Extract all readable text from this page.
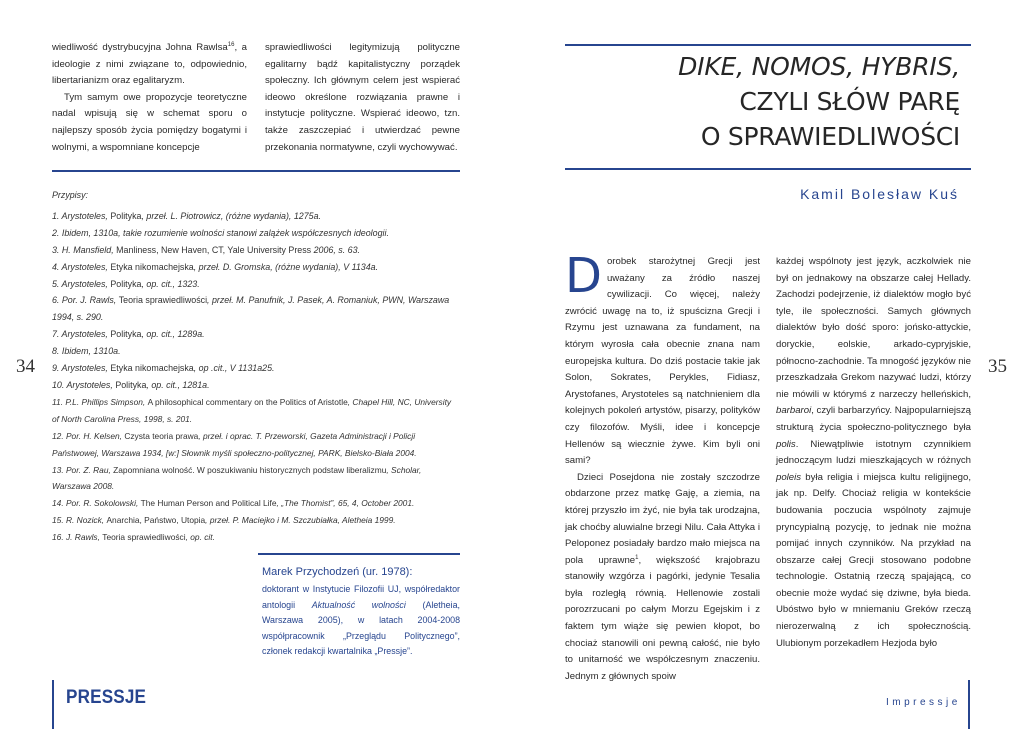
wiedliwość dystrybucyjna Johna Rawlsa$^{16}$, a ideologie z nimi związane to, odpowiednio, libertarianizm oraz egalitaryzm.

Tym samym owe propozycje teoretyczne nadal wpisują się w schemat sporu o najlepszy sposób życia pomiędzy bogatymi i wolnymi, a wspomniane koncepcje

sprawiedliwości legitymizują polityczne egalitarny bądź kapitalistyczny porządek społeczny. Ich głównym celem jest wspierać ideowo określone rozwiązania prawne i instytucje polityczne. Wspierać ideowo, tzn. także zaszczepiać i utwierdzać pewne przekonania normatywne, czyli wychowywać.

Przypisy:
1. Arystoteles, Polityka, przeł. L. Piotrowicz, (różne wydania), 1275a.
2. Ibidem, 1310a, takie rozumienie wolności stanowi zalążek współczesnych ideologii.
3. H. Mansfield, Manliness, New Haven, CT, Yale University Press 2006, s. 63.
4. Arystoteles, Etyka nikomachejska, przeł. D. Gromska, (różne wydania), V 1134a.
5. Arystoteles, Polityka, op. cit., 1323.
6. Por. J. Rawls, Teoria sprawiedliwości, przeł. M. Panufnik, J. Pasek, A. Romaniuk, PWN, Warszawa 1994, s. 290.
7. Arystoteles, Polityka, op. cit., 1289a.
8. Ibidem, 1310a.
9. Arystoteles, Etyka nikomachejska, op .cit., V 1131a25.
10. Arystoteles, Polityka, op. cit., 1281a.
11. P.L. Phillips Simpson, A philosophical commentary on the Politics of Aristotle, Chapel Hill, NC, University of North Carolina Press, 1998, s. 201.
12. Por. H. Kelsen, Czysta teoria prawa, przeł. i oprac. T. Przeworski, Gazeta Administracji i Policji Państwowej, Warszawa 1934, [w:] Słownik myśli społeczno-politycznej, PARK, Bielsko-Biała 2004.
13. Por. Z. Rau, Zapomniana wolność. W poszukiwaniu historycznych podstaw liberalizmu, Scholar, Warszawa 2008.
14. Por. R. Sokolowski, The Human Person and Political Life, „The Thomist”, 65, 4, October 2001.
15. R. Nozick, Anarchia, Państwo, Utopia, przeł. P. Maciejko i M. Szczubiałka, Aletheia 1999.
16. J. Rawls, Teoria sprawiedliwości, op. cit.
34
Marek Przychodzeń (ur. 1978):
doktorant w Instytucie Filozofii UJ, współredaktor antologii Aktualność wolności (Aletheia, Warszawa 2005), w latach 2004-2008 współpracownik „Przeglądu Politycznego”, członek redakcji kwartalnika „Pressje”.
PRESSJE
DIKE, NOMOS, HYBRIS,
CZYLI SŁÓW PARĘ
O SPRAWIEDLIWOŚCI
Kamil Bolesław Kuś

Dorobek starożytnej Grecji jest uważany za źródło naszej cywilizacji. Co więcej, należy zwrócić uwagę na to, iż spuścizna Grecji i Rzymu jest uznawana za fundament, na którym wyrosła cała obecnie znana nam europejska kultura. Do dziś postacie takie jak Solon, Sokrates, Perykles, Fidiasz, Arystofanes, Arystoteles są natchnieniem dla kolejnych pokoleń artystów, pisarzy, polityków czy filozofów. Myśli, idee i koncepcje Hellenów są wiecznie żywe. Kim byli oni sami?

Dzieci Posejdona nie zostały szczodrze obdarzone przez matkę Gaję, a ziemia, na której przyszło im żyć, nie była tak urodzajna, jak choćby aluwialne brzegi Nilu. Cała Attyka i Peloponez posiadały bardzo mało miejsca na pola uprawne$^1$, większość krajobrazu stanowiły wzgórza i pagórki, jedynie Tesalia była rozległą równią. Hellenowie zostali porozrzucani po całym Morzu Egejskim i z faktem tym wiąże się pewien kłopot, bo chociaż stanowili oni pewną całość, nie było to unitarność we współczesnym znaczeniu. Jednym z głównych spoiw

każdej wspólnoty jest język, aczkolwiek nie był on jednakowy na obszarze całej Hellady. Zachodzi podejrzenie, iż dialektów mogło być tyle, ile społeczności. Samych głównych dialektów było dość sporo: jońsko-attyckie, doryckie, eolskie, arkado-cypryjskie, północno-zachodnie. Ta mnogość języków nie przeszkadzała Grekom nazywać ludzi, którzy nie mówili w którymś z narzeczy helleńskich, barbaroi, czyli barbarzyńcy. Najpopularniejszą strukturą życia społeczno-politycznego była polis. Niewątpliwie istotnym czynnikiem jednoczącym ludzi mieszkających w różnych poleis była religia i miejsca kultu religijnego, jak np. Delfy. Chociaż religia w kontekście budowania poczucia wspólnoty zajmuje pryncypialną pozycję, to jednak nie można pomijać innych czynników. Na przykład na obszarze całej Grecji stosowano podobne technologie. Ostatnią rzeczą spajającą, co obecnie może wydać się dziwne, była bieda. Ubóstwo było w mniemaniu Greków rzeczą nierozerwalną z ich społecznością. Ulubionym porzekadłem Hezjoda było

35
Impressje
